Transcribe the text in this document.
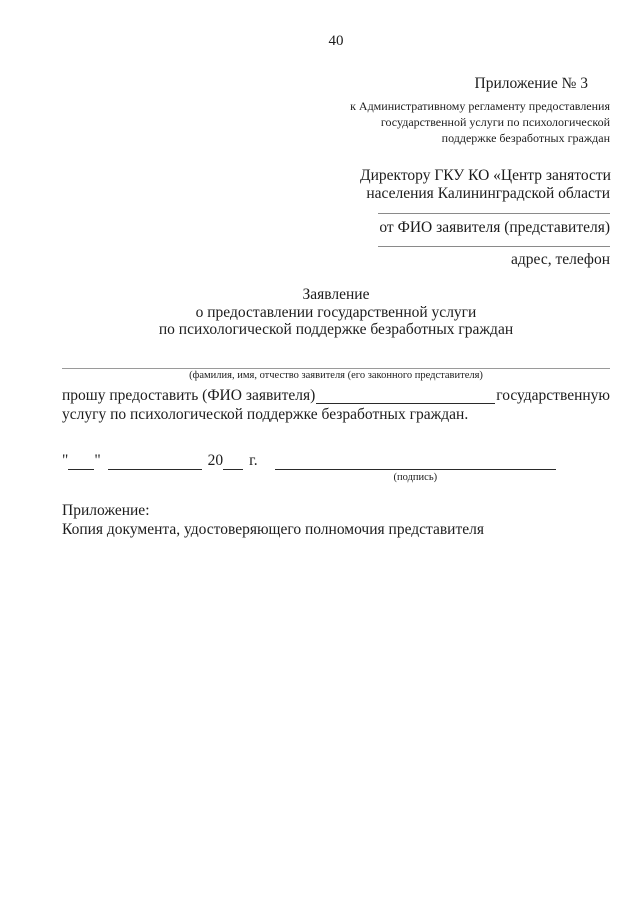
40
Приложение № 3
к Административному регламенту предоставления
государственной услуги по психологической
поддержке безработных граждан
Директору ГКУ КО «Центр занятости
населения Калининградской области
от ФИО заявителя (представителя)
адрес, телефон
Заявление
о предоставлении государственной услуги
по психологической поддержке безработных граждан
(фамилия, имя, отчество заявителя (его законного представителя)
прошу предоставить (ФИО заявителя)	государственную
услугу по психологической поддержке безработных граждан.
" "	20 г.
(подпись)
Приложение:
Копия документа, удостоверяющего полномочия представителя
